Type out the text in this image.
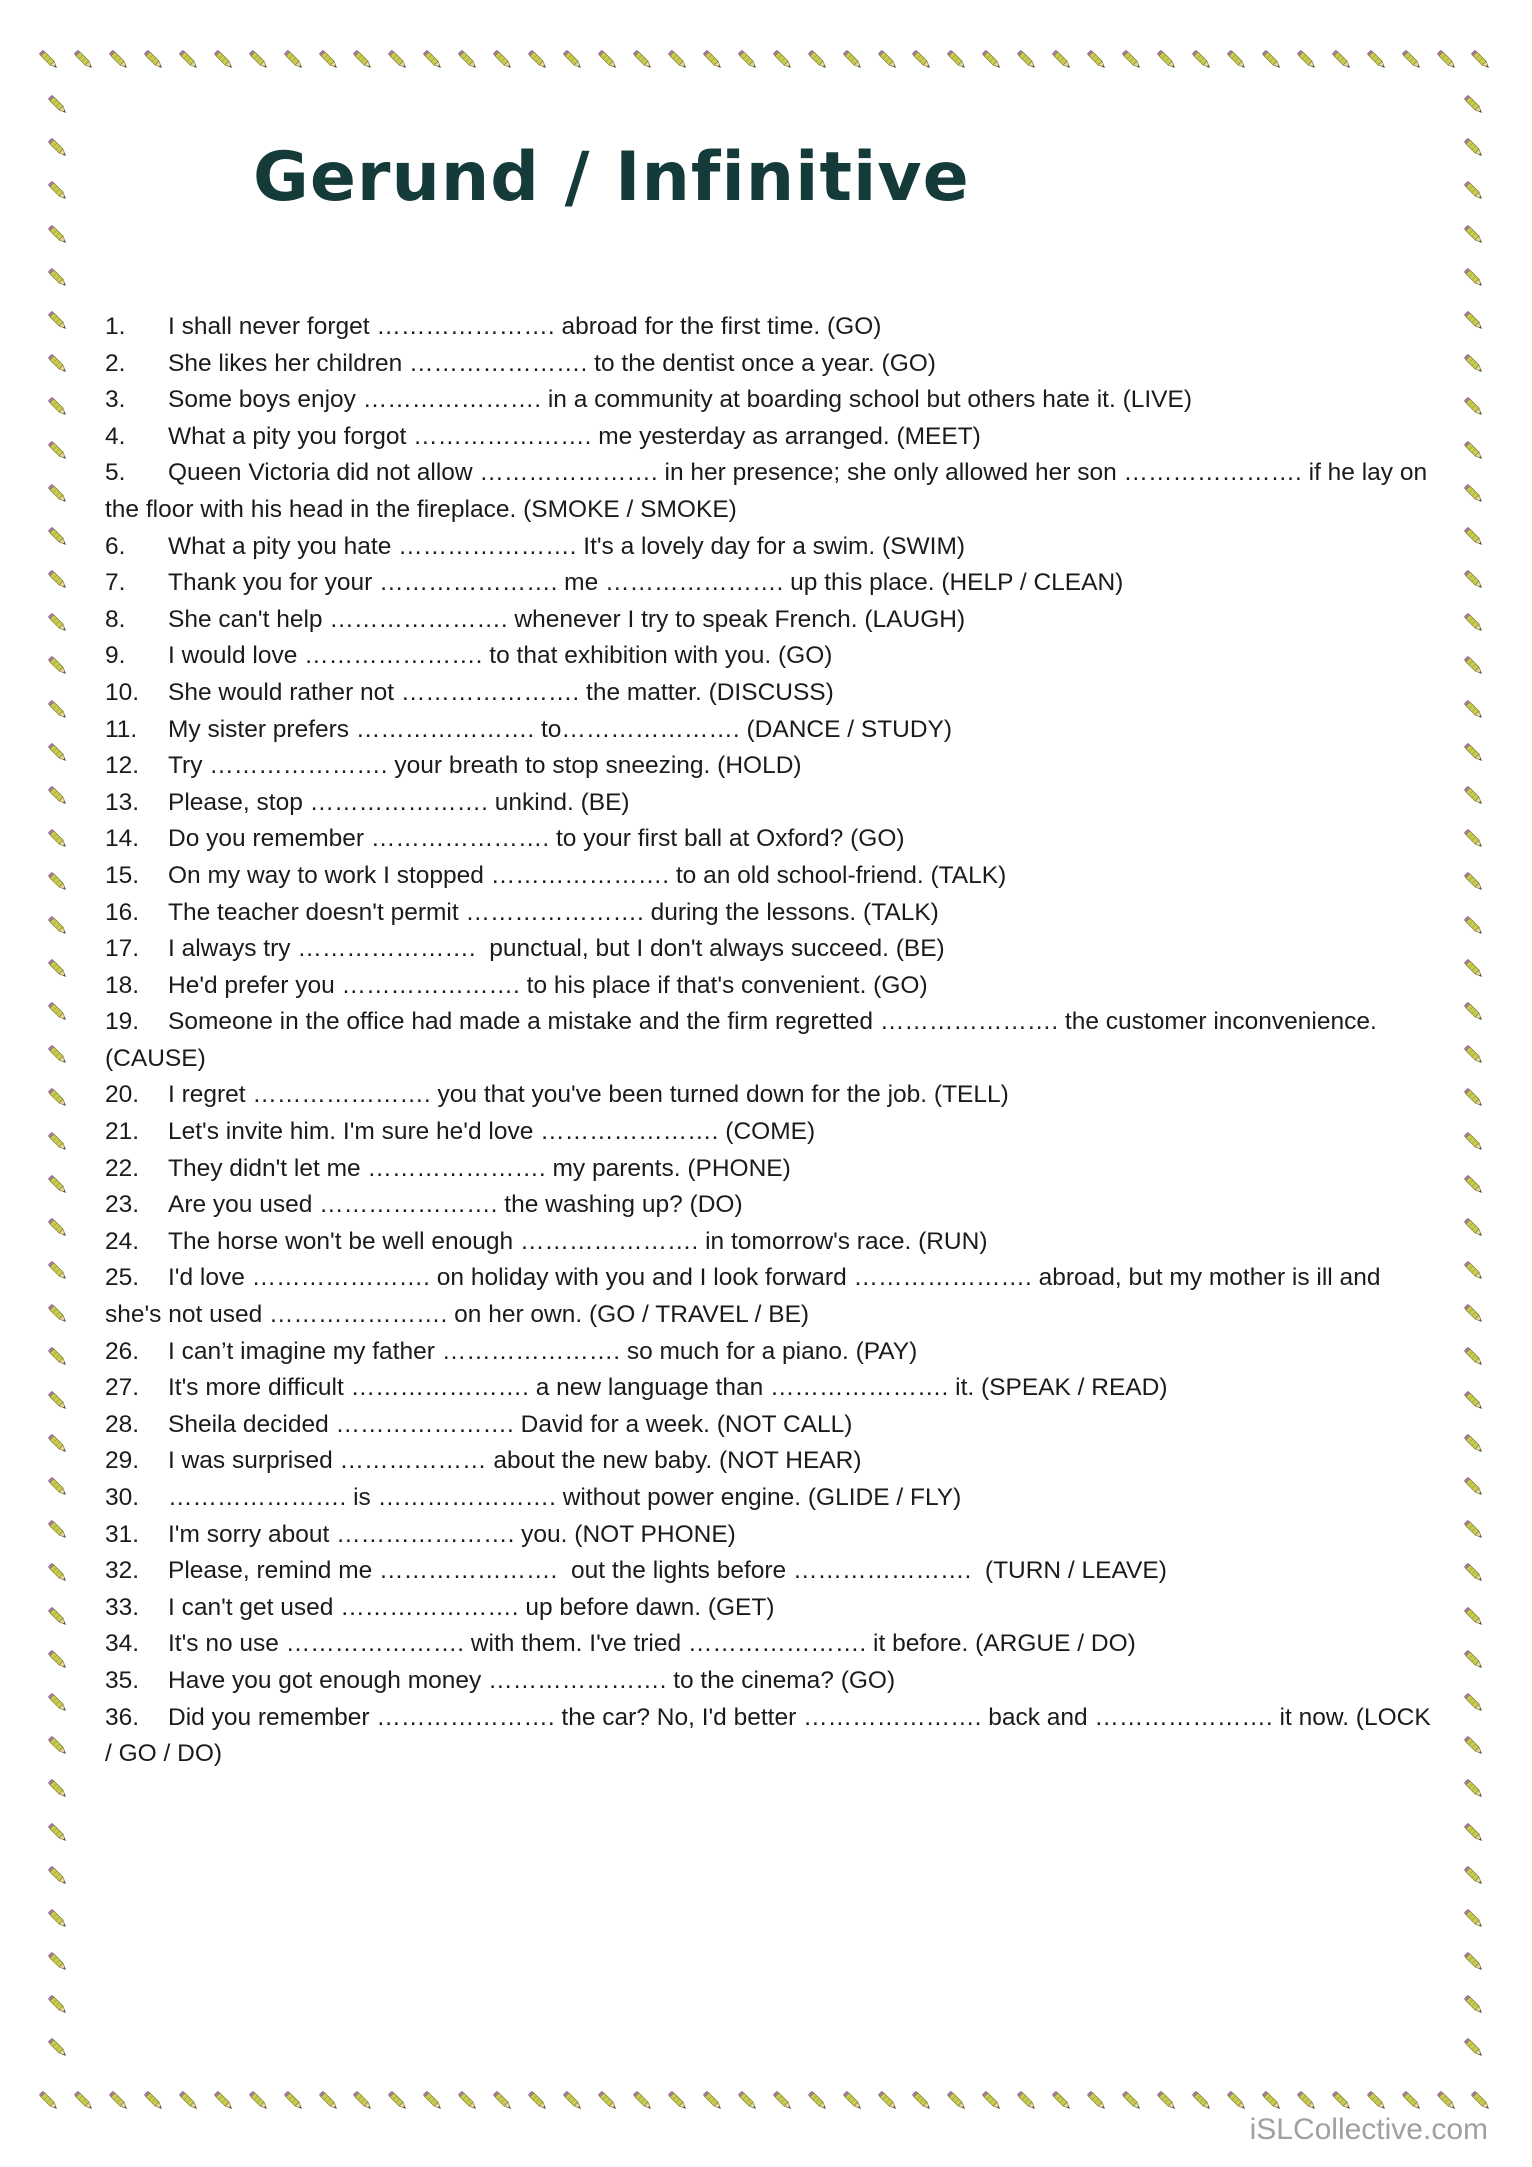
Gerund / Infinitive
1. I shall never forget …………………. abroad for the first time. (GO)
2. She likes her children …………………. to the dentist once a year. (GO)
3. Some boys enjoy …………………. in a community at boarding school but others hate it. (LIVE)
4. What a pity you forgot …………………. me yesterday as arranged. (MEET)
5. Queen Victoria did not allow …………………. in her presence; she only allowed her son …………………. if he lay on the floor with his head in the fireplace. (SMOKE / SMOKE)
6. What a pity you hate …………………. It's a lovely day for a swim. (SWIM)
7. Thank you for your …………………. me …………………. up this place. (HELP / CLEAN)
8. She can't help …………………. whenever I try to speak French. (LAUGH)
9. I would love …………………. to that exhibition with you. (GO)
10. She would rather not …………………. the matter. (DISCUSS)
11. My sister prefers …………………. to…………………. (DANCE / STUDY)
12. Try …………………. your breath to stop sneezing. (HOLD)
13. Please, stop …………………. unkind. (BE)
14. Do you remember …………………. to your first ball at Oxford? (GO)
15. On my way to work I stopped …………………. to an old school-friend. (TALK)
16. The teacher doesn't permit …………………. during the lessons. (TALK)
17. I always try ………………….  punctual, but I don't always succeed. (BE)
18. He'd prefer you …………………. to his place if that's convenient. (GO)
19. Someone in the office had made a mistake and the firm regretted …………………. the customer inconvenience. (CAUSE)
20. I regret …………………. you that you've been turned down for the job. (TELL)
21. Let's invite him. I'm sure he'd love …………………. (COME)
22. They didn't let me …………………. my parents. (PHONE)
23. Are you used …………………. the washing up? (DO)
24. The horse won't be well enough …………………. in tomorrow's race. (RUN)
25. I'd love …………………. on holiday with you and I look forward …………………. abroad, but my mother is ill and she's not used …………………. on her own. (GO / TRAVEL / BE)
26. I can’t imagine my father …………………. so much for a piano. (PAY)
27. It's more difficult …………………. a new language than …………………. it. (SPEAK / READ)
28. Sheila decided …………………. David for a week. (NOT CALL)
29. I was surprised ……………… about the new baby. (NOT HEAR)
30. …………………. is …………………. without power engine. (GLIDE / FLY)
31. I'm sorry about …………………. you. (NOT PHONE)
32. Please, remind me ………………….  out the lights before ………………….  (TURN / LEAVE)
33. I can't get used …………………. up before dawn. (GET)
34. It's no use …………………. with them. I've tried …………………. it before. (ARGUE / DO)
35. Have you got enough money …………………. to the cinema? (GO)
36. Did you remember …………………. the car? No, I'd better …………………. back and …………………. it now. (LOCK / GO / DO)
iSLCollective.com
